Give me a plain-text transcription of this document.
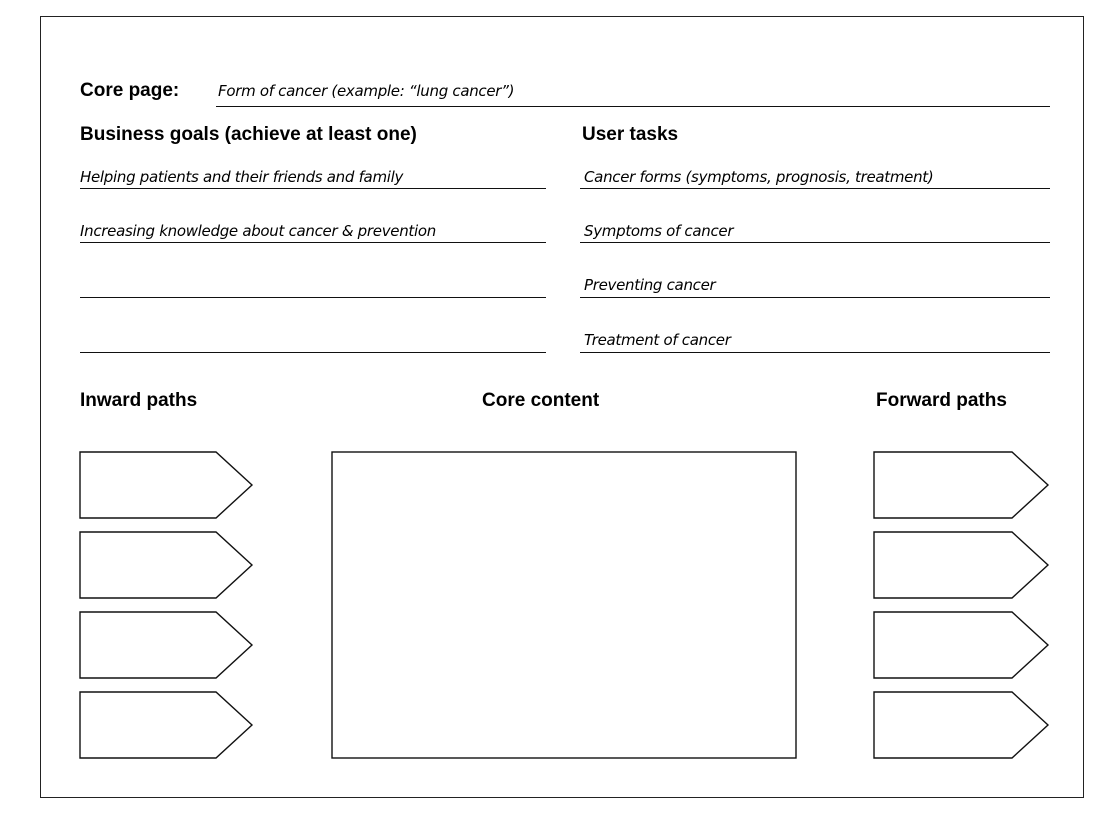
Core page:	Form of cancer (example: “lung cancer”)
Business goals (achieve at least one)
Helping patients and their friends and family
Increasing knowledge about cancer & prevention
User tasks
Cancer forms (symptoms, prognosis, treatment)
Symptoms of cancer
Preventing cancer
Treatment of cancer
Inward paths	Core content	Forward paths
